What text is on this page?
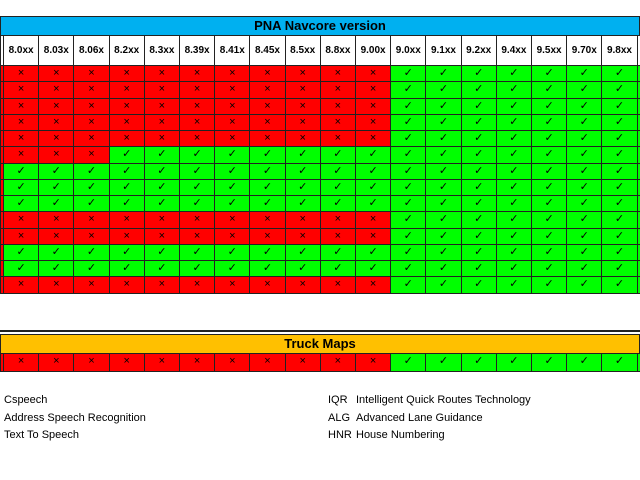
PNA Navcore version
8.0xx	8.03x	8.06x	8.2xx	8.3xx	8.39x	8.41x	8.45x	8.5xx	8.8xx	9.00x	9.0xx	9.1xx	9.2xx	9.4xx	9.5xx	9.70x	9.8xx
×	×	×	×	×	×	×	×	×	×	×	✓	✓	✓	✓	✓	✓	✓
×	×	×	×	×	×	×	×	×	×	×	✓	✓	✓	✓	✓	✓	✓
×	×	×	×	×	×	×	×	×	×	×	✓	✓	✓	✓	✓	✓	✓
×	×	×	×	×	×	×	×	×	×	×	✓	✓	✓	✓	✓	✓	✓
×	×	×	×	×	×	×	×	×	×	×	✓	✓	✓	✓	✓	✓	✓
×	×	×	✓	✓	✓	✓	✓	✓	✓	✓	✓	✓	✓	✓	✓	✓	✓
✓	✓	✓	✓	✓	✓	✓	✓	✓	✓	✓	✓	✓	✓	✓	✓	✓	✓
✓	✓	✓	✓	✓	✓	✓	✓	✓	✓	✓	✓	✓	✓	✓	✓	✓	✓
✓	✓	✓	✓	✓	✓	✓	✓	✓	✓	✓	✓	✓	✓	✓	✓	✓	✓
×	×	×	×	×	×	×	×	×	×	×	✓	✓	✓	✓	✓	✓	✓
×	×	×	×	×	×	×	×	×	×	×	✓	✓	✓	✓	✓	✓	✓
✓	✓	✓	✓	✓	✓	✓	✓	✓	✓	✓	✓	✓	✓	✓	✓	✓	✓
✓	✓	✓	✓	✓	✓	✓	✓	✓	✓	✓	✓	✓	✓	✓	✓	✓	✓
×	×	×	×	×	×	×	×	×	×	×	✓	✓	✓	✓	✓	✓	✓
Truck Maps
×	×	×	×	×	×	×	×	×	×	×	✓	✓	✓	✓	✓	✓	✓
Cspeech
Address Speech Recognition
Text To Speech
IQR Intelligent Quick Routes Technology
ALG Advanced Lane Guidance
HNR House Numbering
